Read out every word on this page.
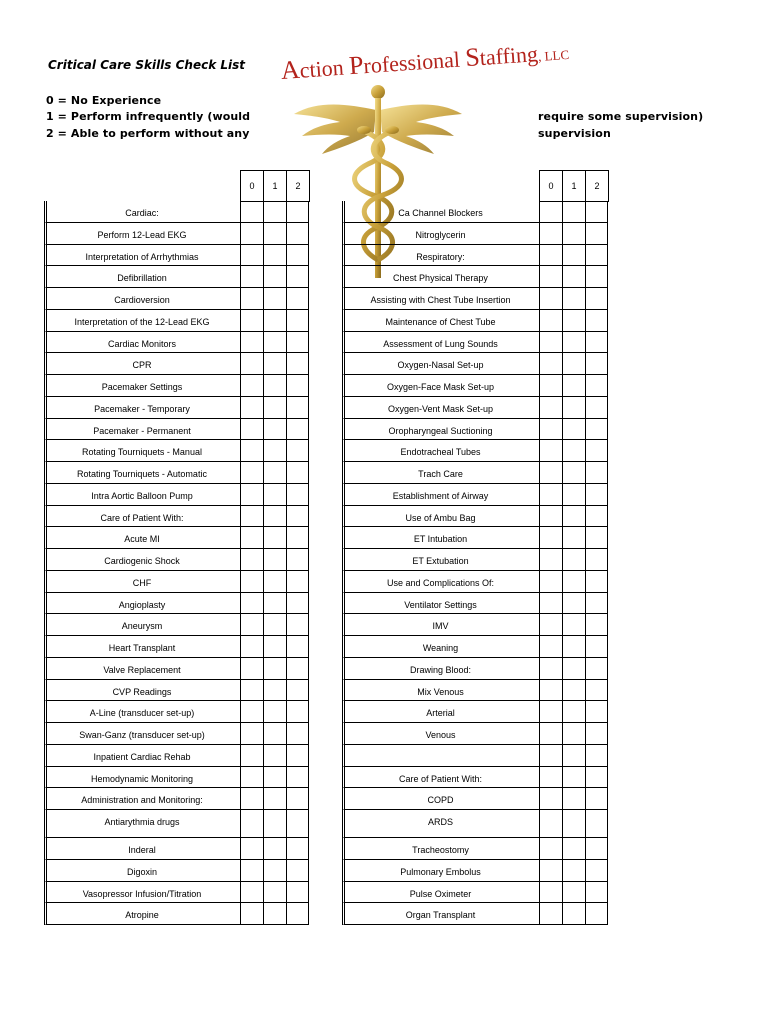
Critical Care Skills Check List
0 = No Experience
1 = Perform infrequently (would
2 = Able to perform without any
require some supervision)
supervision
Action Professional Staffing, LLC
0	1	2	0	1	2
Cardiac:
Perform 12-Lead EKG
Interpretation of Arrhythmias
Defibrillation
Cardioversion
Interpretation of the 12-Lead EKG
Cardiac Monitors
CPR
Pacemaker Settings
Pacemaker - Temporary
Pacemaker - Permanent
Rotating Tourniquets - Manual
Rotating Tourniquets - Automatic
Intra Aortic Balloon Pump
Care of Patient With:
Acute MI
Cardiogenic Shock
CHF
Angioplasty
Aneurysm
Heart Transplant
Valve Replacement
CVP Readings
A-Line (transducer set-up)
Swan-Ganz (transducer set-up)
Inpatient Cardiac Rehab
Hemodynamic Monitoring
Administration and Monitoring:
Antiarythmia drugs
Inderal
Digoxin
Vasopressor Infusion/Titration
Atropine
Ca Channel Blockers
Nitroglycerin
Respiratory:
Chest Physical Therapy
Assisting with Chest Tube Insertion
Maintenance of Chest Tube
Assessment of Lung Sounds
Oxygen-Nasal Set-up
Oxygen-Face Mask Set-up
Oxygen-Vent Mask Set-up
Oropharyngeal Suctioning
Endotracheal Tubes
Trach Care
Establishment of Airway
Use of Ambu Bag
ET Intubation
ET Extubation
Use and Complications Of:
Ventilator Settings
IMV
Weaning
Drawing Blood:
Mix Venous
Arterial
Venous
Care of Patient With:
COPD
ARDS
Tracheostomy
Pulmonary Embolus
Pulse Oximeter
Organ Transplant
